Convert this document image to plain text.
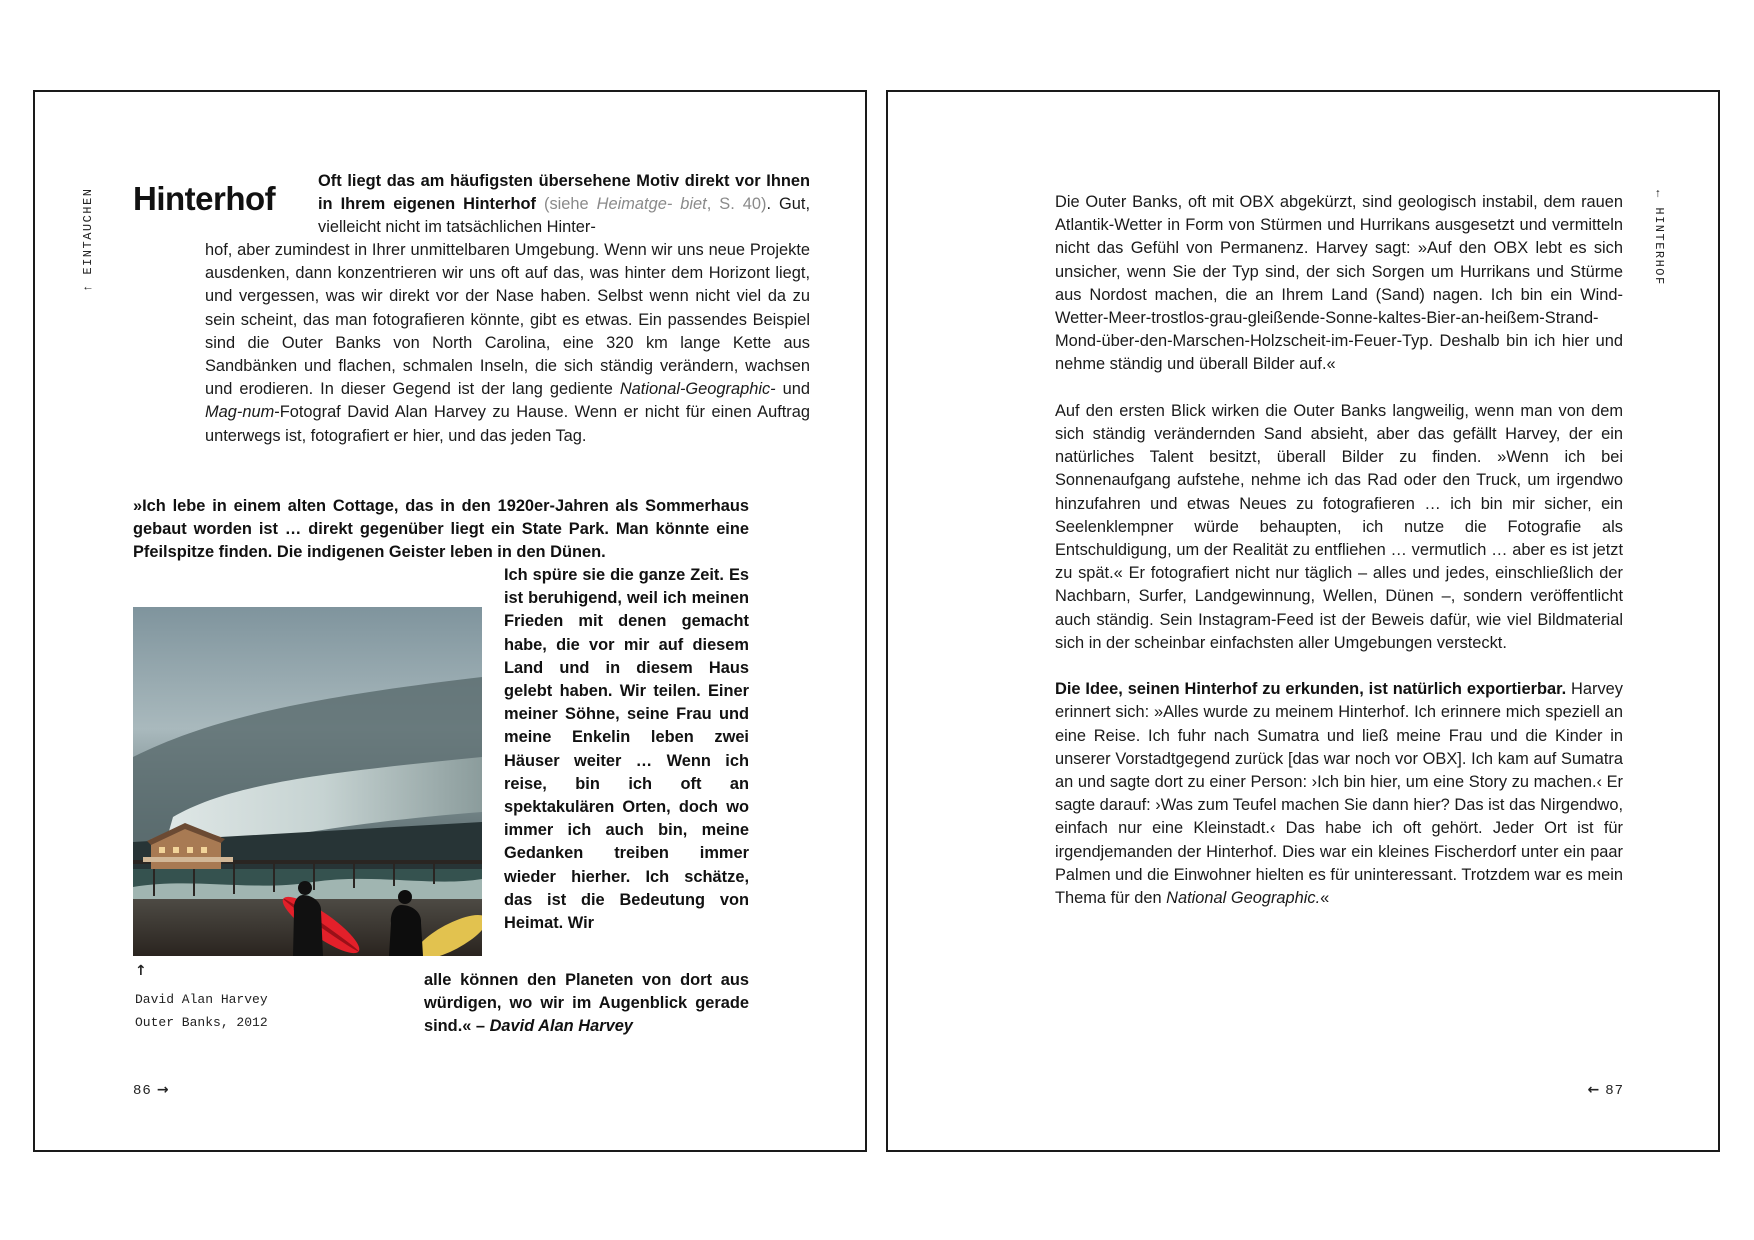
↑ EINTAUCHEN Hinterhof	Oft liegt das am häufigsten übersehene Motiv direkt vor Ihnen in Ihrem eigenen Hinterhof (siehe Heimatge- biet, S. 40). Gut, vielleicht nicht im tatsächlichen Hinter-

hof, aber zumindest in Ihrer unmittelbaren Umgebung. Wenn wir uns neue Projekte ausdenken, dann konzentrieren wir uns oft auf das, was hinter dem Horizont liegt, und vergessen, was wir direkt vor der Nase haben. Selbst wenn nicht viel da zu sein scheint, das man fotografieren könnte, gibt es etwas. Ein passendes Beispiel sind die Outer Banks von North Carolina, eine 320 km lange Kette aus Sandbänken und flachen, schmalen Inseln, die sich ständig verändern, wachsen und erodieren. In dieser Gegend ist der lang gediente National-Geographic- und Mag-num-Fotograf David Alan Harvey zu Hause. Wenn er nicht für einen Auftrag unterwegs ist, fotografiert er hier, und das jeden Tag.

»Ich lebe in einem alten Cottage, das in den 1920er-Jahren als Sommerhaus gebaut worden ist … direkt gegenüber liegt ein State Park. Man könnte eine Pfeilspitze finden. Die indigenen Geister leben in den Dünen.

Ich spüre sie die ganze Zeit. Es ist beruhigend, weil ich meinen Frieden mit denen gemacht habe, die vor mir auf diesem Land und in diesem Haus gelebt haben. Wir teilen. Einer meiner Söhne, seine Frau und meine Enkelin leben zwei Häuser weiter … Wenn ich reise, bin ich oft an spektakulären Orten, doch wo immer ich auch bin, meine Gedanken treiben immer wieder hierher. Ich schätze, das ist die Bedeutung von Heimat. Wir

alle können den Planeten von dort aus würdigen, wo wir im Augenblick gerade sind.« – David Alan Harvey

↑
David Alan Harvey
Outer Banks, 2012
86 →
← HINTERHOF

Die Outer Banks, oft mit OBX abgekürzt, sind geologisch instabil, dem rauen Atlantik-Wetter in Form von Stürmen und Hurrikans ausgesetzt und vermitteln nicht das Gefühl von Permanenz. Harvey sagt: »Auf den OBX lebt es sich unsicher, wenn Sie der Typ sind, der sich Sorgen um Hurrikans und Stürme aus Nordost machen, die an Ihrem Land (Sand) nagen. Ich bin ein Wind-Wetter-Meer-trostlos-grau-gleißende-Sonne-kaltes-Bier-an-heißem-Strand-Mond-über-den-Marschen-Holzscheit-im-Feuer-Typ. Deshalb bin ich hier und nehme ständig und überall Bilder auf.«

Auf den ersten Blick wirken die Outer Banks langweilig, wenn man von dem sich ständig verändernden Sand absieht, aber das gefällt Harvey, der ein natürliches Talent besitzt, überall Bilder zu finden. »Wenn ich bei Sonnenaufgang aufstehe, nehme ich das Rad oder den Truck, um irgendwo hinzufahren und etwas Neues zu fotografieren … ich bin mir sicher, ein Seelenklempner würde behaupten, ich nutze die Fotografie als Entschuldigung, um der Realität zu entfliehen … vermutlich … aber es ist jetzt zu spät.« Er fotografiert nicht nur täglich – alles und jedes, einschließlich der Nachbarn, Surfer, Landgewinnung, Wellen, Dünen –, sondern veröffentlicht auch ständig. Sein Instagram-Feed ist der Beweis dafür, wie viel Bildmaterial sich in der scheinbar einfachsten aller Umgebungen versteckt.

Die Idee, seinen Hinterhof zu erkunden, ist natürlich exportierbar. Harvey erinnert sich: »Alles wurde zu meinem Hinterhof. Ich erinnere mich speziell an eine Reise. Ich fuhr nach Sumatra und ließ meine Frau und die Kinder in unserer Vorstadtgegend zurück [das war noch vor OBX]. Ich kam auf Sumatra an und sagte dort zu einer Person: ›Ich bin hier, um eine Story zu machen.‹ Er sagte darauf: ›Was zum Teufel machen Sie dann hier? Das ist das Nirgendwo, einfach nur eine Kleinstadt.‹ Das habe ich oft gehört. Jeder Ort ist für irgendjemanden der Hinterhof. Dies war ein kleines Fischerdorf unter ein paar Palmen und die Einwohner hielten es für uninteressant. Trotzdem war es mein Thema für den National Geographic.«

← 87
